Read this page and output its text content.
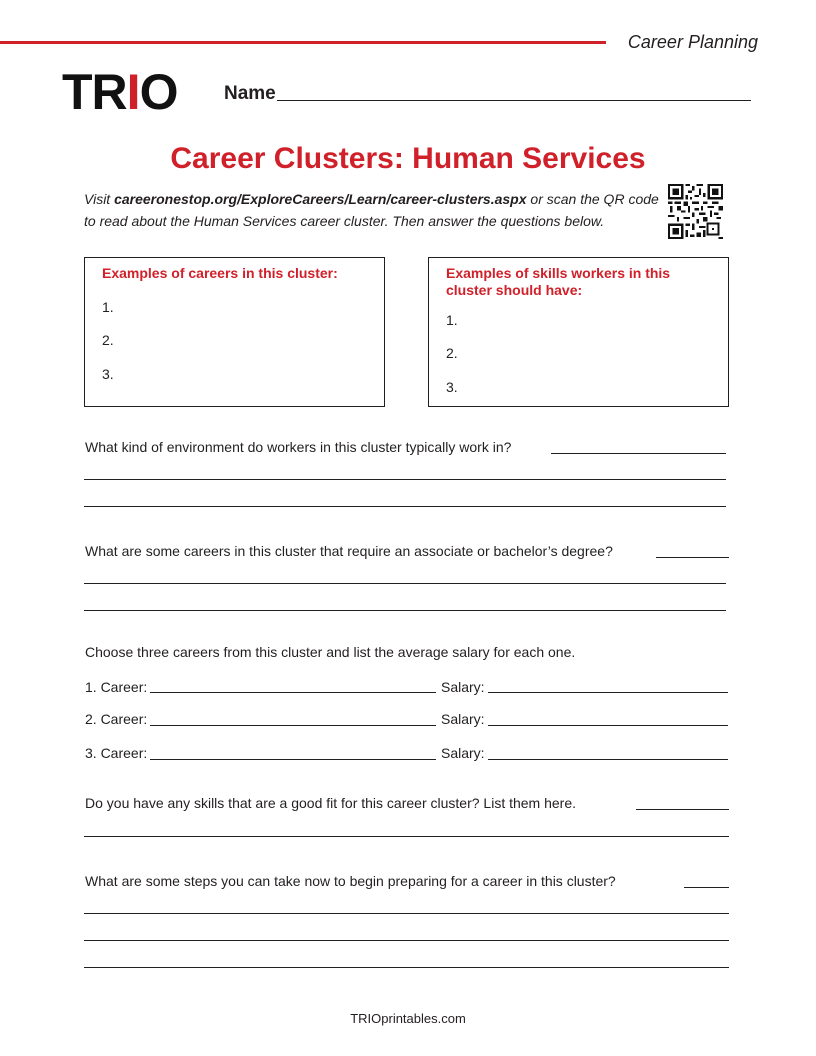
Career Planning
TRIO Name
Career Clusters: Human Services
Visit careeronestop.org/ExploreCareers/Learn/career-clusters.aspx or scan the QR code
to read about the Human Services career cluster. Then answer the questions below.
Examples of careers in this cluster:
1.
2.
3.
Examples of skills workers in this
cluster should have:
1.
2.
3.
What kind of environment do workers in this cluster typically work in?
What are some careers in this cluster that require an associate or bachelor’s degree?
Choose three careers from this cluster and list the average salary for each one.
1. Career:	Salary:
2. Career:	Salary:
3. Career:	Salary:
Do you have any skills that are a good fit for this career cluster? List them here.
What are some steps you can take now to begin preparing for a career in this cluster?
TRIOprintables.com
